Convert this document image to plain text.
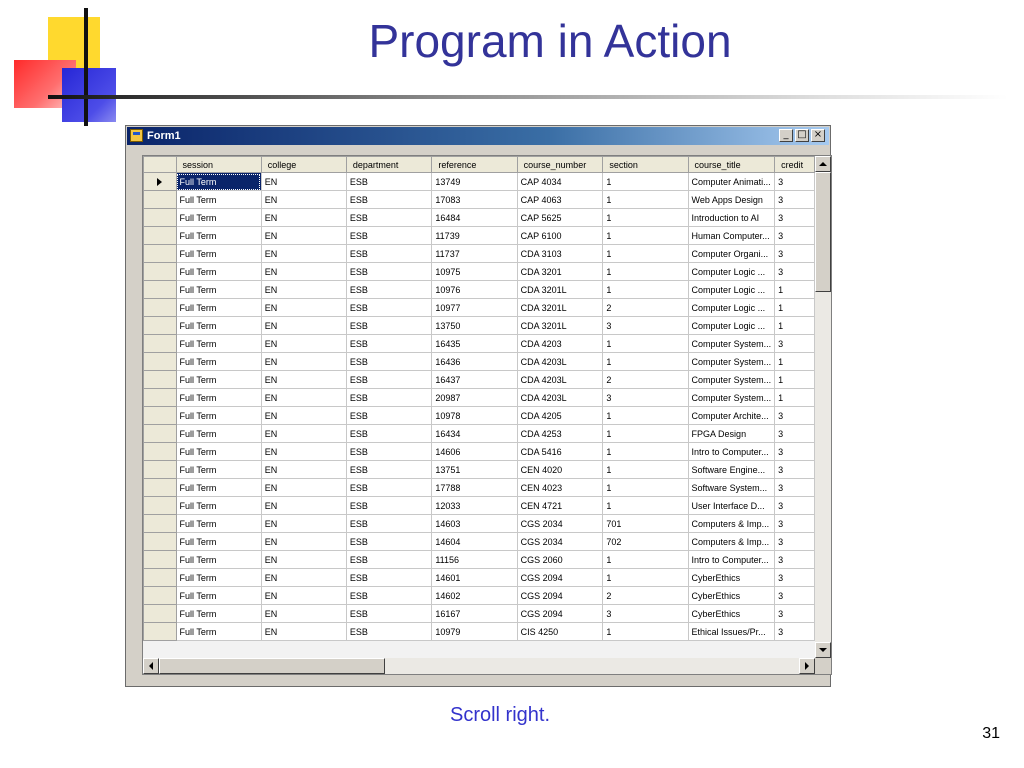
Program in Action
Form1	_ □ ×
	session	college	department	reference	course_number	section	course_title	credit
	Full Term	EN	ESB	13749	CAP 4034	1	Computer Animati...	3
	Full Term	EN	ESB	17083	CAP 4063	1	Web Apps Design	3
	Full Term	EN	ESB	16484	CAP 5625	1	Introduction to AI	3
	Full Term	EN	ESB	11739	CAP 6100	1	Human Computer...	3
	Full Term	EN	ESB	11737	CDA 3103	1	Computer Organi...	3
	Full Term	EN	ESB	10975	CDA 3201	1	Computer Logic ...	3
	Full Term	EN	ESB	10976	CDA 3201L	1	Computer Logic ...	1
	Full Term	EN	ESB	10977	CDA 3201L	2	Computer Logic ...	1
	Full Term	EN	ESB	13750	CDA 3201L	3	Computer Logic ...	1
	Full Term	EN	ESB	16435	CDA 4203	1	Computer System...	3
	Full Term	EN	ESB	16436	CDA 4203L	1	Computer System...	1
	Full Term	EN	ESB	16437	CDA 4203L	2	Computer System...	1
	Full Term	EN	ESB	20987	CDA 4203L	3	Computer System...	1
	Full Term	EN	ESB	10978	CDA 4205	1	Computer Archite...	3
	Full Term	EN	ESB	16434	CDA 4253	1	FPGA Design	3
	Full Term	EN	ESB	14606	CDA 5416	1	Intro to Computer...	3
	Full Term	EN	ESB	13751	CEN 4020	1	Software Engine...	3
	Full Term	EN	ESB	17788	CEN 4023	1	Software System...	3
	Full Term	EN	ESB	12033	CEN 4721	1	User Interface D...	3
	Full Term	EN	ESB	14603	CGS 2034	701	Computers & Imp...	3
	Full Term	EN	ESB	14604	CGS 2034	702	Computers & Imp...	3
	Full Term	EN	ESB	11156	CGS 2060	1	Intro to Computer...	3
	Full Term	EN	ESB	14601	CGS 2094	1	CyberEthics	3
	Full Term	EN	ESB	14602	CGS 2094	2	CyberEthics	3
	Full Term	EN	ESB	16167	CGS 2094	3	CyberEthics	3
	Full Term	EN	ESB	10979	CIS 4250	1	Ethical Issues/Pr...	3
Scroll right.
31
